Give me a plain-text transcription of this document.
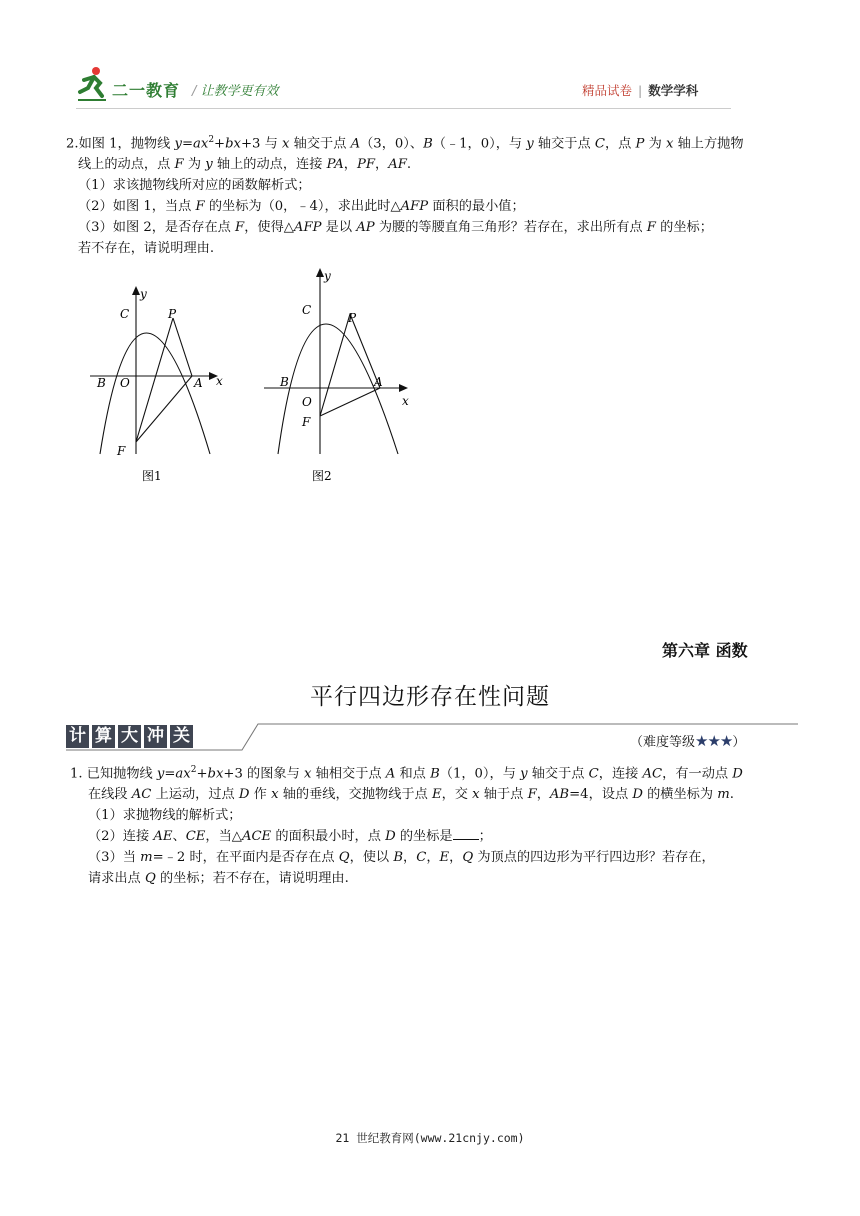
二一教育 / 让教学更有效	精品试卷 | 数学学科
2.如图 1，抛物线 $y=ax^2+bx+3$ 与 x 轴交于点 A（3，0）、B（﹣1，0），与 y 轴交于点 C，点 P 为 x 轴上方抛物
线上的动点，点 F 为 y 轴上的动点，连接 PA，PF，AF.
（1）求该抛物线所对应的函数解析式；
（2）如图 1，当点 F 的坐标为（0，﹣4），求出此时△AFP 面积的最小值；
（3）如图 2，是否存在点 F，使得△AFP 是以 AP 为腰的等腰直角三角形？若存在，求出所有点 F 的坐标；
若不存在，请说明理由.
y
C	P
B O	A x
F
图1
y
C
P
B	A
x
O
F
图2
第六章 函数
平行四边形存在性问题
计 算 大 冲 关	（难度等级★★★）
1. 已知抛物线 $y=ax^2+bx+3$ 的图象与 x 轴相交于点 A 和点 B（1，0），与 y 轴交于点 C，连接 AC，有一动点 D
在线段 AC 上运动，过点 D 作 x 轴的垂线，交抛物线于点 E，交 x 轴于点 F，AB=4，设点 D 的横坐标为 m.
（1）求抛物线的解析式；
（2）连接 AE、CE，当△ACE 的面积最小时，点 D 的坐标是 ；
（3）当 m=﹣2 时，在平面内是否存在点 Q，使以 B，C，E，Q 为顶点的四边形为平行四边形？若存在，
请求出点 Q 的坐标；若不存在，请说明理由.
21 世纪教育网(www.21cnjy.com)
